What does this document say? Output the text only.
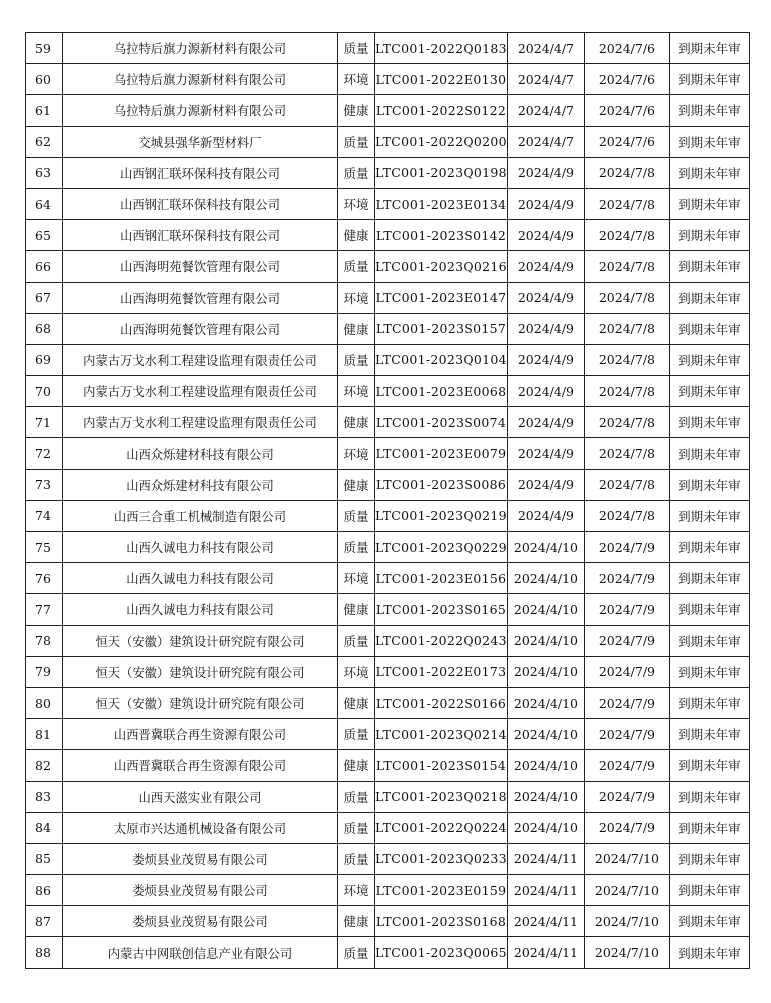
59	乌拉特后旗力源新材料有限公司	质量	LTC001-2022Q0183	2024/4/7	2024/7/6	到期未年审
60	乌拉特后旗力源新材料有限公司	环境	LTC001-2022E0130	2024/4/7	2024/7/6	到期未年审
61	乌拉特后旗力源新材料有限公司	健康	LTC001-2022S0122	2024/4/7	2024/7/6	到期未年审
62	交城县强华新型材料厂	质量	LTC001-2022Q0200	2024/4/7	2024/7/6	到期未年审
63	山西钢汇联环保科技有限公司	质量	LTC001-2023Q0198	2024/4/9	2024/7/8	到期未年审
64	山西钢汇联环保科技有限公司	环境	LTC001-2023E0134	2024/4/9	2024/7/8	到期未年审
65	山西钢汇联环保科技有限公司	健康	LTC001-2023S0142	2024/4/9	2024/7/8	到期未年审
66	山西海明苑餐饮管理有限公司	质量	LTC001-2023Q0216	2024/4/9	2024/7/8	到期未年审
67	山西海明苑餐饮管理有限公司	环境	LTC001-2023E0147	2024/4/9	2024/7/8	到期未年审
68	山西海明苑餐饮管理有限公司	健康	LTC001-2023S0157	2024/4/9	2024/7/8	到期未年审
69	内蒙古万戈水利工程建设监理有限责任公司	质量	LTC001-2023Q0104	2024/4/9	2024/7/8	到期未年审
70	内蒙古万戈水利工程建设监理有限责任公司	环境	LTC001-2023E0068	2024/4/9	2024/7/8	到期未年审
71	内蒙古万戈水利工程建设监理有限责任公司	健康	LTC001-2023S0074	2024/4/9	2024/7/8	到期未年审
72	山西众烁建材科技有限公司	环境	LTC001-2023E0079	2024/4/9	2024/7/8	到期未年审
73	山西众烁建材科技有限公司	健康	LTC001-2023S0086	2024/4/9	2024/7/8	到期未年审
74	山西三合重工机械制造有限公司	质量	LTC001-2023Q0219	2024/4/9	2024/7/8	到期未年审
75	山西久诚电力科技有限公司	质量	LTC001-2023Q0229	2024/4/10	2024/7/9	到期未年审
76	山西久诚电力科技有限公司	环境	LTC001-2023E0156	2024/4/10	2024/7/9	到期未年审
77	山西久诚电力科技有限公司	健康	LTC001-2023S0165	2024/4/10	2024/7/9	到期未年审
78	恒天（安徽）建筑设计研究院有限公司	质量	LTC001-2022Q0243	2024/4/10	2024/7/9	到期未年审
79	恒天（安徽）建筑设计研究院有限公司	环境	LTC001-2022E0173	2024/4/10	2024/7/9	到期未年审
80	恒天（安徽）建筑设计研究院有限公司	健康	LTC001-2022S0166	2024/4/10	2024/7/9	到期未年审
81	山西晋冀联合再生资源有限公司	质量	LTC001-2023Q0214	2024/4/10	2024/7/9	到期未年审
82	山西晋冀联合再生资源有限公司	健康	LTC001-2023S0154	2024/4/10	2024/7/9	到期未年审
83	山西天滋实业有限公司	质量	LTC001-2023Q0218	2024/4/10	2024/7/9	到期未年审
84	太原市兴达通机械设备有限公司	质量	LTC001-2022Q0224	2024/4/10	2024/7/9	到期未年审
85	娄烦县业茂贸易有限公司	质量	LTC001-2023Q0233	2024/4/11	2024/7/10	到期未年审
86	娄烦县业茂贸易有限公司	环境	LTC001-2023E0159	2024/4/11	2024/7/10	到期未年审
87	娄烦县业茂贸易有限公司	健康	LTC001-2023S0168	2024/4/11	2024/7/10	到期未年审
88	内蒙古中网联创信息产业有限公司	质量	LTC001-2023Q0065	2024/4/11	2024/7/10	到期未年审
